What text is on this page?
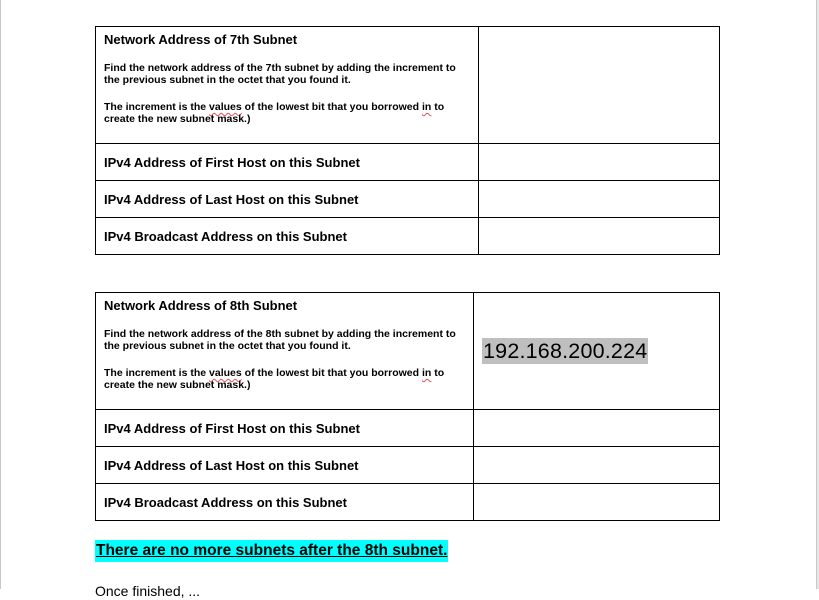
Network Address of 7th Subnet
Find the network address of the 7th subnet by adding the increment to the previous subnet in the octet that you found it.
The increment is the values of the lowest bit that you borrowed in to create the new subnet mask.)	

IPv4 Address of First Host on this Subnet	

IPv4 Address of Last Host on this Subnet	

IPv4 Broadcast Address on this Subnet	

Network Address of 8th Subnet
Find the network address of the 8th subnet by adding the increment to the previous subnet in the octet that you found it.
The increment is the values of the lowest bit that you borrowed in to create the new subnet mask.)	192.168.200.224

IPv4 Address of First Host on this Subnet	

IPv4 Address of Last Host on this Subnet	

IPv4 Broadcast Address on this Subnet	

There are no more subnets after the 8th subnet.
Once finished, ...
